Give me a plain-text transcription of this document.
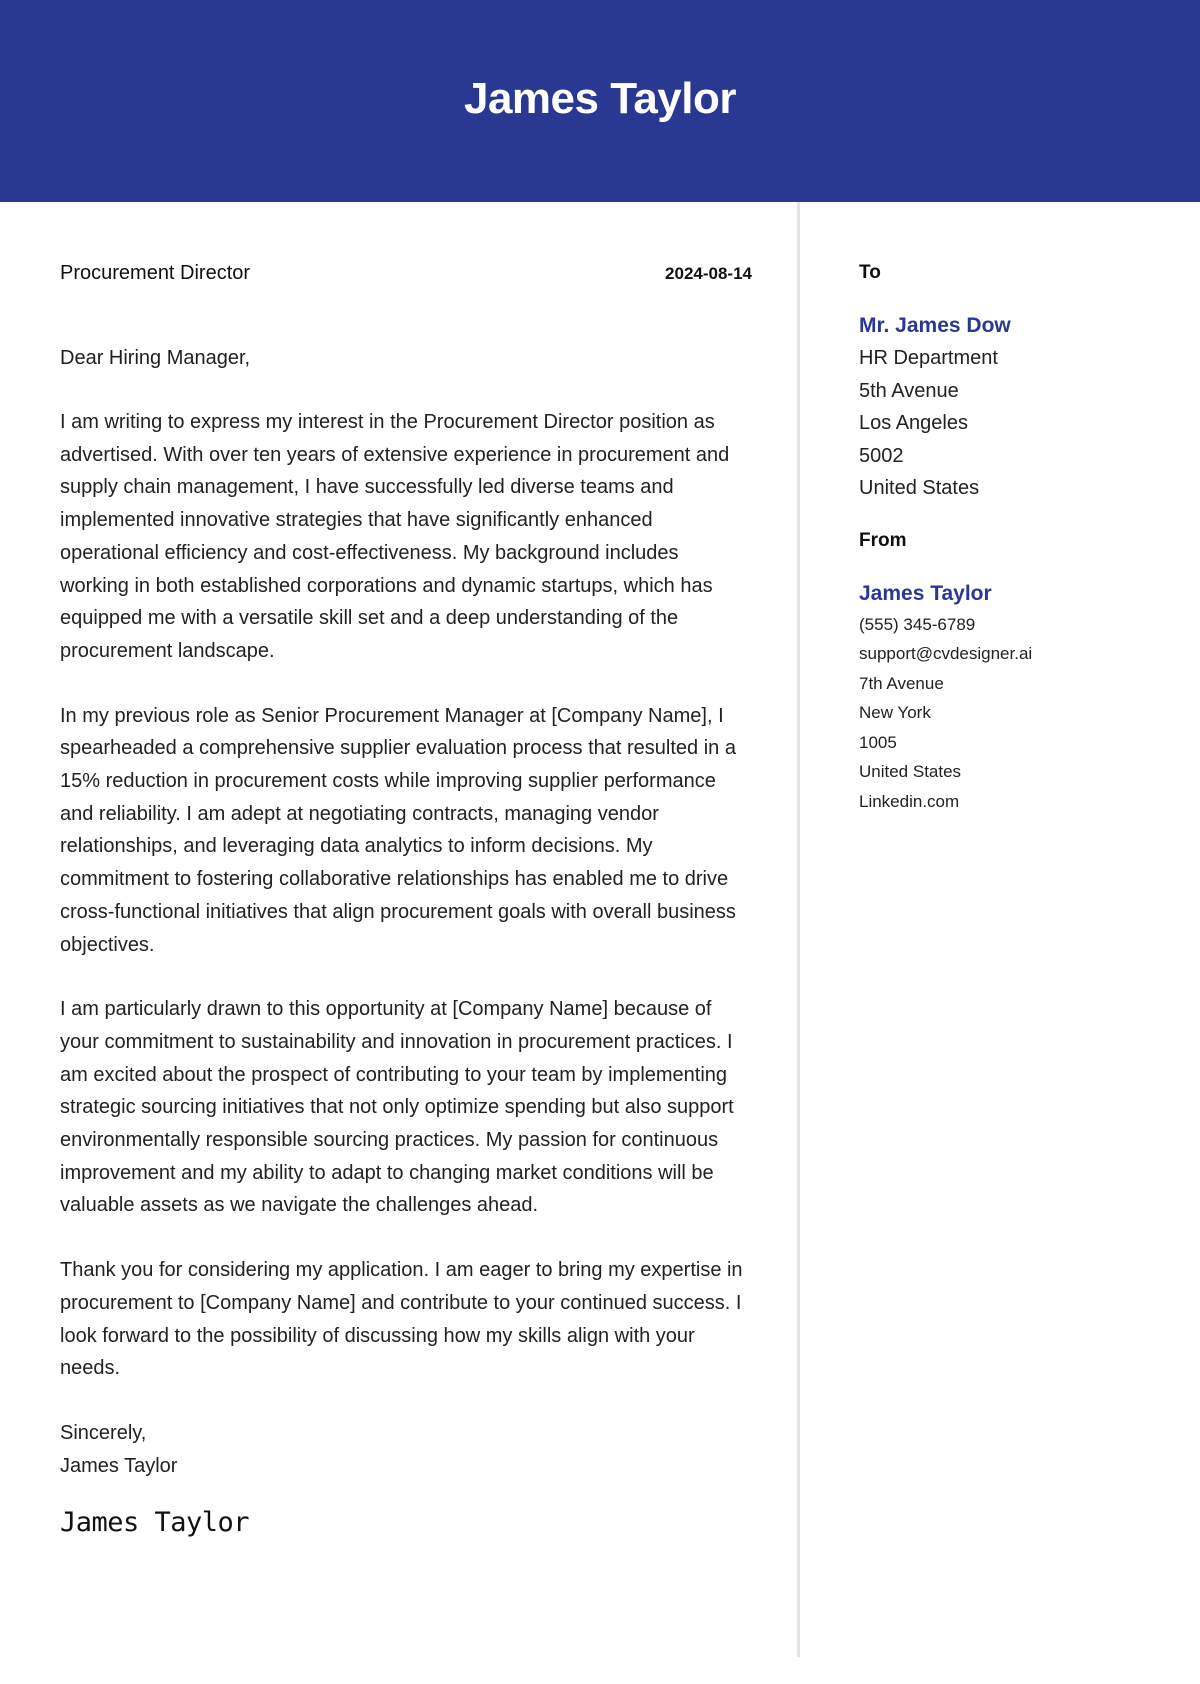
James Taylor
Procurement Director	2024-08-14
Dear Hiring Manager,
I am writing to express my interest in the Procurement Director position as advertised. With over ten years of extensive experience in procurement and supply chain management, I have successfully led diverse teams and implemented innovative strategies that have significantly enhanced operational efficiency and cost-effectiveness. My background includes working in both established corporations and dynamic startups, which has equipped me with a versatile skill set and a deep understanding of the procurement landscape.
In my previous role as Senior Procurement Manager at [Company Name], I spearheaded a comprehensive supplier evaluation process that resulted in a 15% reduction in procurement costs while improving supplier performance and reliability. I am adept at negotiating contracts, managing vendor relationships, and leveraging data analytics to inform decisions. My commitment to fostering collaborative relationships has enabled me to drive cross-functional initiatives that align procurement goals with overall business objectives.
I am particularly drawn to this opportunity at [Company Name] because of your commitment to sustainability and innovation in procurement practices. I am excited about the prospect of contributing to your team by implementing strategic sourcing initiatives that not only optimize spending but also support environmentally responsible sourcing practices. My passion for continuous improvement and my ability to adapt to changing market conditions will be valuable assets as we navigate the challenges ahead.
Thank you for considering my application. I am eager to bring my expertise in procurement to [Company Name] and contribute to your continued success. I look forward to the possibility of discussing how my skills align with your needs.
Sincerely,
James Taylor
James Taylor
To
Mr. James Dow
HR Department
5th Avenue
Los Angeles
5002
United States
From
James Taylor
(555) 345-6789
support@cvdesigner.ai
7th Avenue
New York
1005
United States
Linkedin.com
